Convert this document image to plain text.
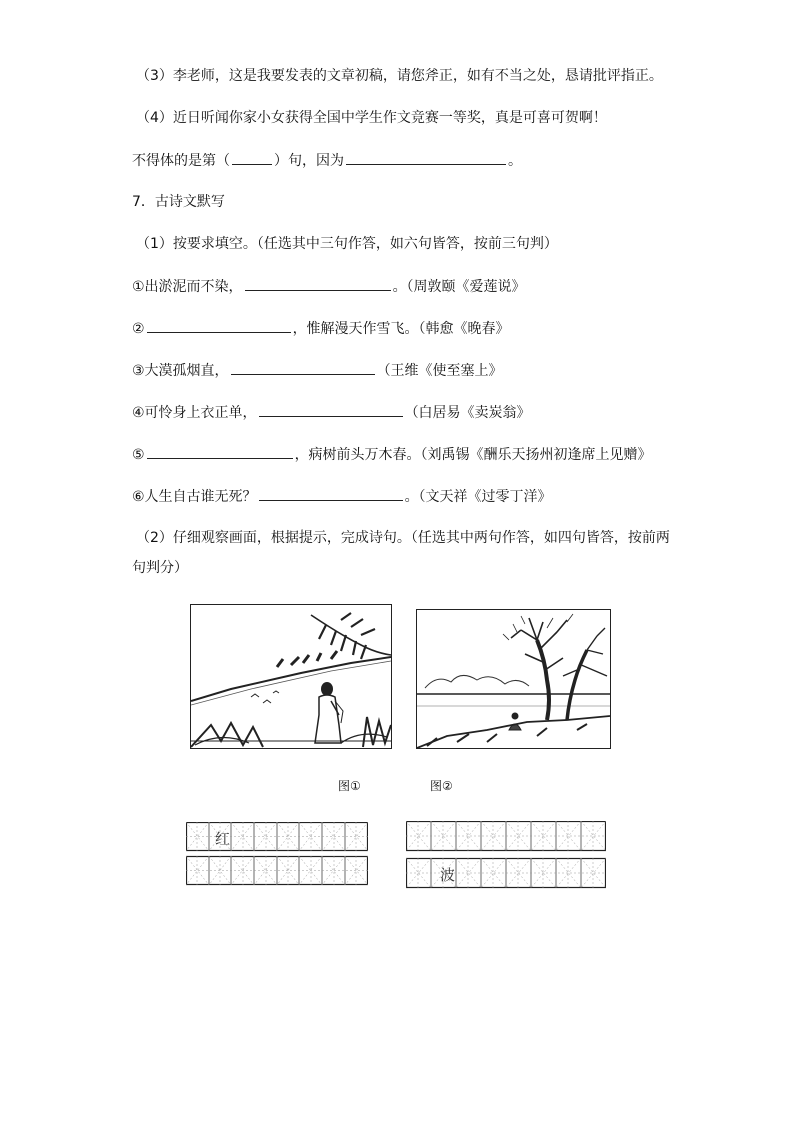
（3）李老师，这是我要发表的文章初稿，请您斧正，如有不当之处，恳请批评指正。
（4）近日听闻你家小女获得全国中学生作文竞赛一等奖，真是可喜可贺啊！
不得体的是第（	）句，因为	。
7．古诗文默写
（1）按要求填空。（任选其中三句作答，如六句皆答，按前三句判）
①出淤泥而不染，	。（周敦颐《爱莲说》
②	，惟解漫天作雪飞。（韩愈《晚春》
③大漠孤烟直，	（王维《使至塞上》
④可怜身上衣正单，	（白居易《卖炭翁》
⑤	，病树前头万木春。（刘禹锡《酬乐天扬州初逢席上见赠》
⑥人生自古谁无死？	。（文天祥《过零丁洋》
（2）仔细观察画面，根据提示，完成诗句。（任选其中两句作答，如四句皆答，按前两
句判分）
图①	图②
红
波
